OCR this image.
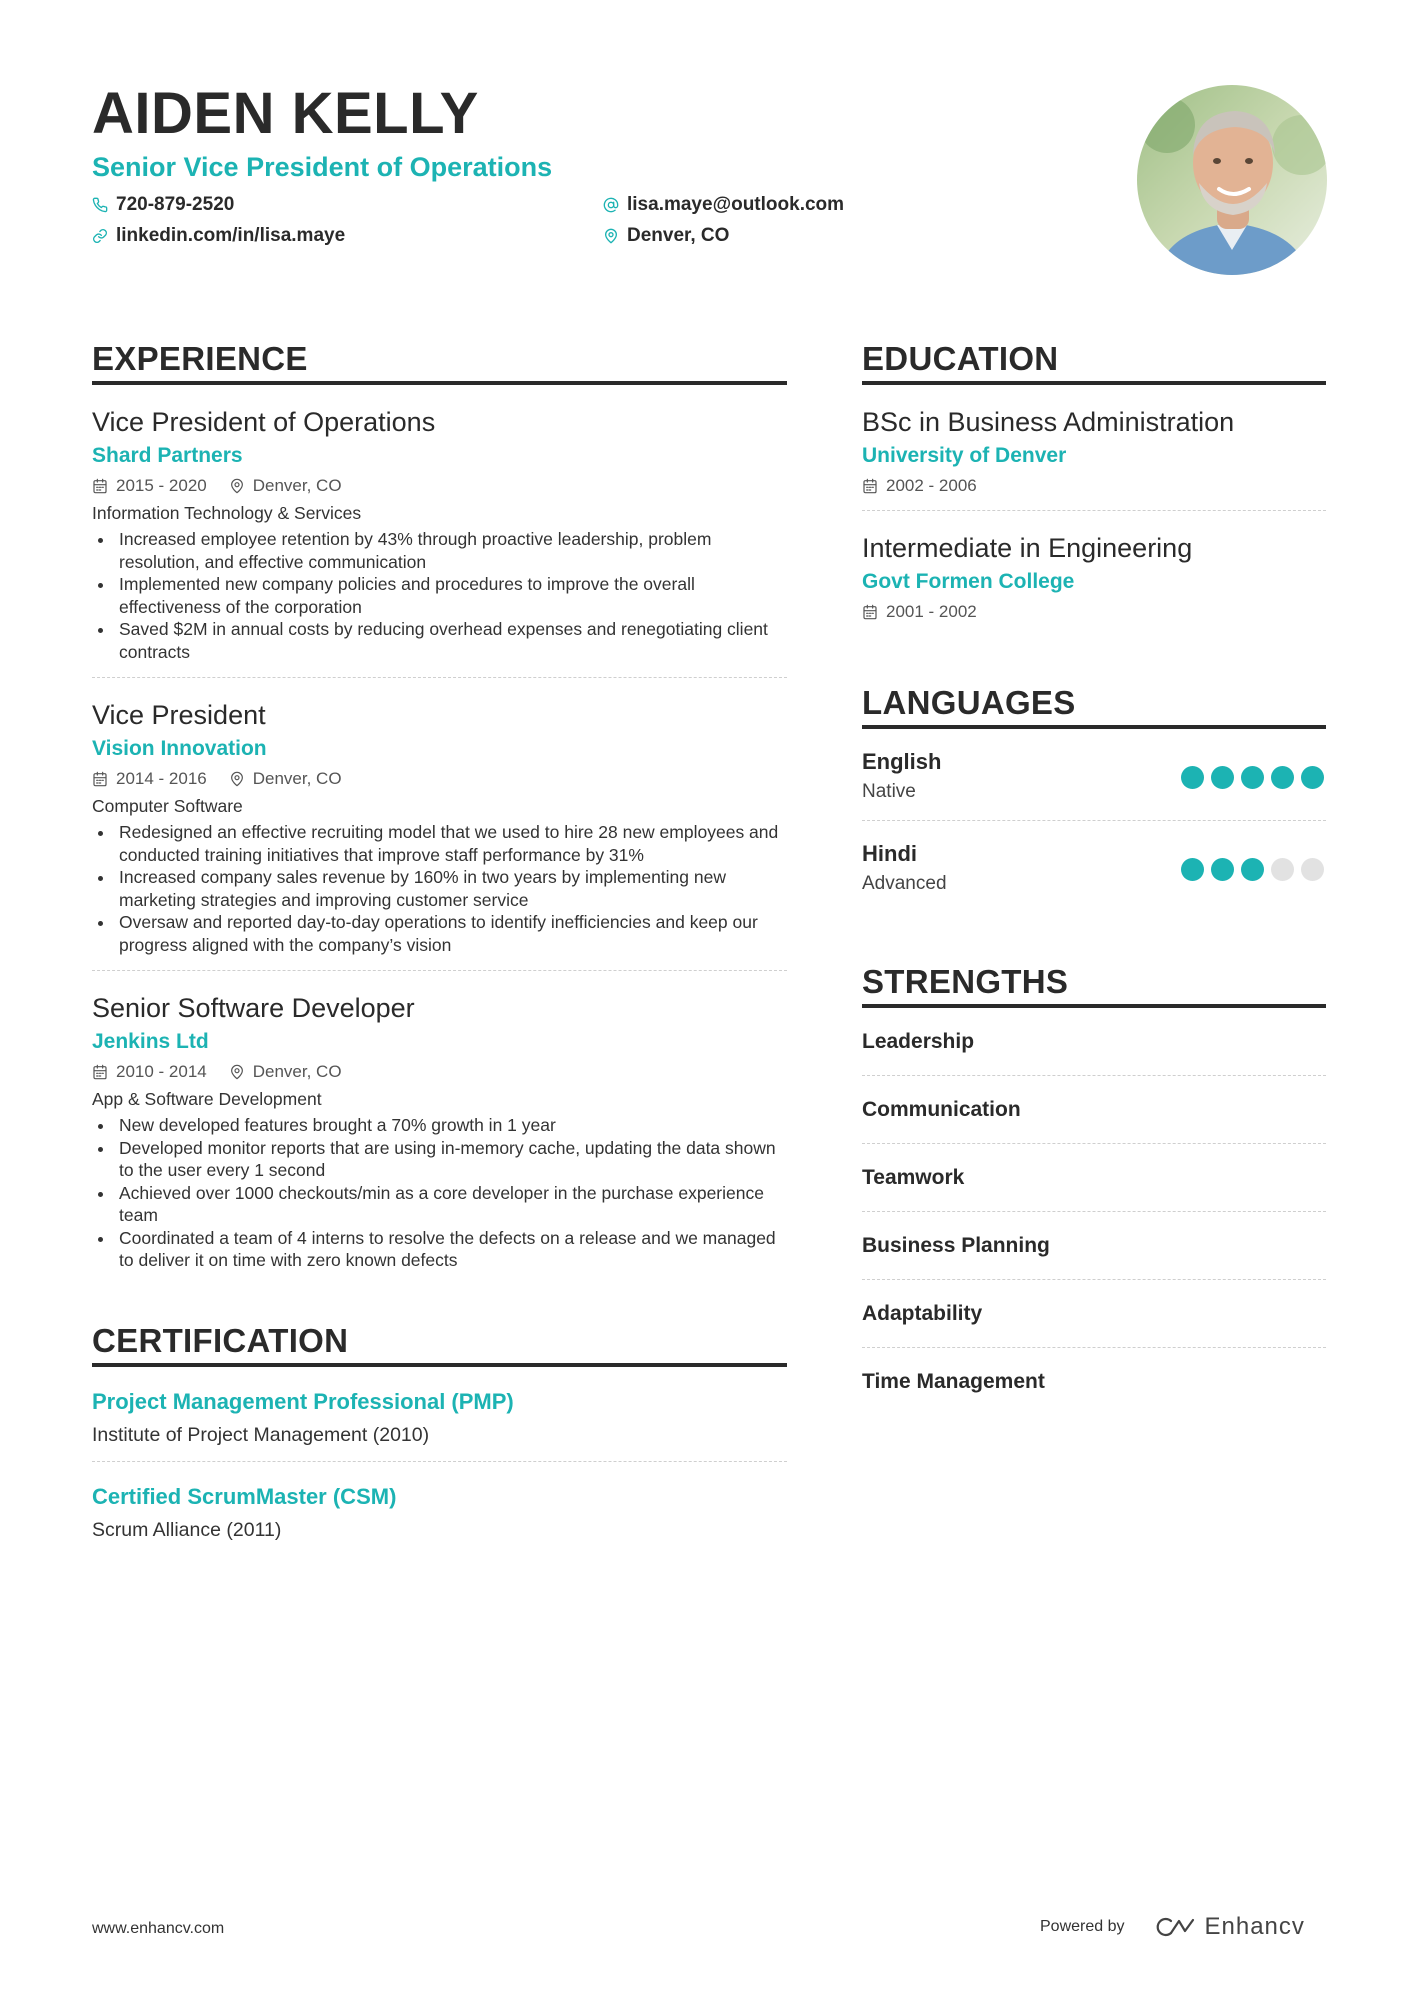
AIDEN KELLY
Senior Vice President of Operations
720-879-2520	lisa.maye@outlook.com
linkedin.com/in/lisa.maye	Denver, CO
EXPERIENCE
Vice President of Operations
Shard Partners
2015 - 2020	Denver, CO
Information Technology & Services
Increased employee retention by 43% through proactive leadership, problem resolution, and effective communication
Implemented new company policies and procedures to improve the overall effectiveness of the corporation
Saved $2M in annual costs by reducing overhead expenses and renegotiating client contracts
Vice President
Vision Innovation
2014 - 2016	Denver, CO
Computer Software
Redesigned an effective recruiting model that we used to hire 28 new employees and conducted training initiatives that improve staff performance by 31%
Increased company sales revenue by 160% in two years by implementing new marketing strategies and improving customer service
Oversaw and reported day-to-day operations to identify inefficiencies and keep our progress aligned with the company’s vision
Senior Software Developer
Jenkins Ltd
2010 - 2014	Denver, CO
App & Software Development
New developed features brought a 70% growth in 1 year
Developed monitor reports that are using in-memory cache, updating the data shown to the user every 1 second
Achieved over 1000 checkouts/min as a core developer in the purchase experience team
Coordinated a team of 4 interns to resolve the defects on a release and we managed to deliver it on time with zero known defects
CERTIFICATION
Project Management Professional (PMP)
Institute of Project Management (2010)
Certified ScrumMaster (CSM)
Scrum Alliance (2011)
EDUCATION
BSc in Business Administration
University of Denver
2002 - 2006
Intermediate in Engineering
Govt Formen College
2001 - 2002
LANGUAGES
English
Native
Hindi
Advanced
STRENGTHS
Leadership
Communication
Teamwork
Business Planning
Adaptability
Time Management
www.enhancv.com	Powered by	Enhancv
